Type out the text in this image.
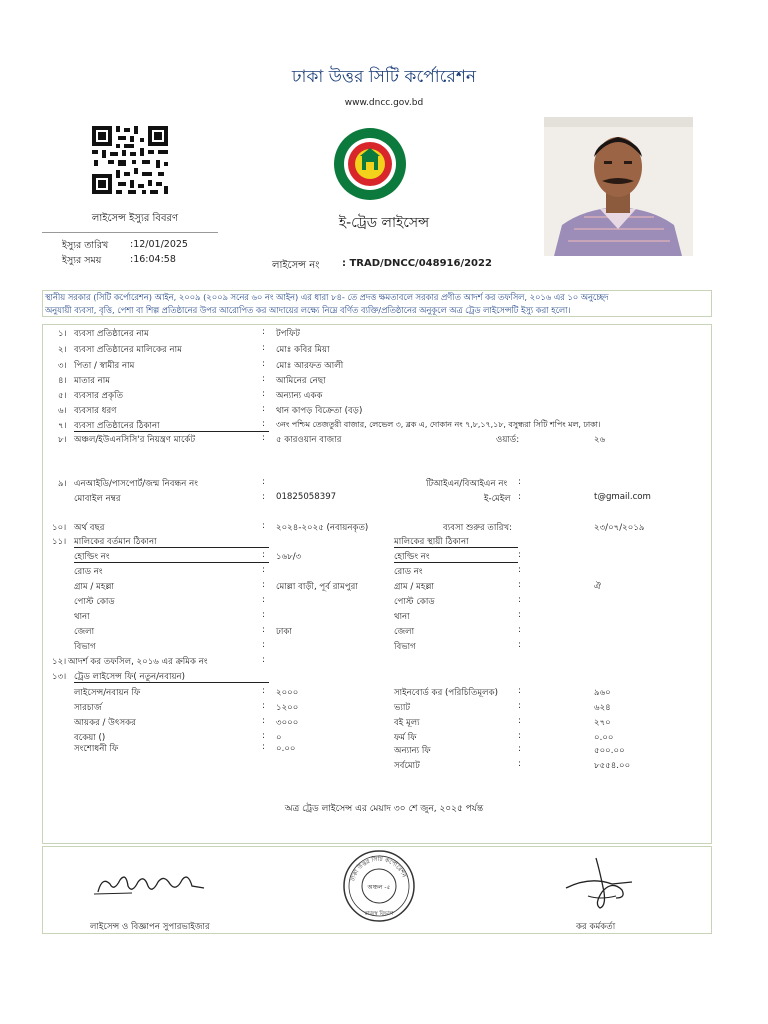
ঢাকা উত্তর সিটি কর্পোরেশন
www.dncc.gov.bd
লাইসেন্স ইস্যুর বিবরণ
ইস্যুর তারিখ	:12/01/2025
ইস্যুর সময়	:16:04:58
ই-ট্রেড লাইসেন্স
লাইসেন্স নং : TRAD/DNCC/048916/2022
স্থানীয় সরকার (সিটি কর্পোরেশন) আইন, ২০০৯ (২০০৯ সনের ৬০ নং আইন) এর ধারা ৮৪- তে প্রদত্ত ক্ষমতাবলে সরকার প্রণীত আদর্শ কর তফসিল, ২০১৬ এর ১০ অনুচ্ছেদ
অনুযায়ী ব্যবসা, বৃত্তি, পেশা বা শিল্প প্রতিষ্ঠানের উপর আরোপিত কর আদায়ের লক্ষ্যে নিম্নে বর্ণিত ব্যক্তি/প্রতিষ্ঠানের অনুকূলে অত্র ট্রেড লাইসেন্সটি ইস্যু করা হলো।
১। ব্যবসা প্রতিষ্ঠানের নাম	: টপফিট
২। ব্যবসা প্রতিষ্ঠানের মালিকের নাম	: মোঃ কবির মিয়া
৩। পিতা / স্বামীর নাম	: মোঃ আরফত আলী
৪। মাতার নাম	: আমিনের নেছা
৫। ব্যবসার প্রকৃতি	: অন্যান্য একক
৬। ব্যবসার ধরণ	: থান কাপড় বিক্রেতা (বড়)
৭। ব্যবসা প্রতিষ্ঠানের ঠিকানা	: ৩নং পশ্চিম তেজতুরী বাজার, লেভেল ৩, ব্লক এ, দোকান নং ৭,৮,১৭,১৮, বসুন্ধরা সিটি শপিং মল, ঢাকা।
৮। অঞ্চল/ইউএনসিসি'র নিয়ন্ত্রণ মার্কেট	: ৫ কারওয়ান বাজার	ওয়ার্ড:	২৬
৯। এনআইডি/পাসপোর্ট/জন্ম নিবন্ধন নং	:	টিআইএন/বিআইএন নং :
মোবাইল নম্বর	: 01825058397	ই-মেইল :	t@gmail.com
১০। অর্থ বছর	: ২০২৪-২০২৫ (নবায়নকৃত)	ব্যবসা শুরুর তারিখ:	২৩/০৭/২০১৯
১১। মালিকের বর্তমান ঠিকানা	মালিকের স্থায়ী ঠিকানা
হোল্ডিং নং	: ১৬৮/৩
রোড নং	:
গ্রাম / মহল্লা	: মোল্লা বাড়ী, পূর্ব রামপুরা
পোস্ট কোড	:
থানা	:
জেলা	: ঢাকা
বিভাগ	:
হোল্ডিং নং	:
রোড নং	:
গ্রাম / মহল্লা	:	ঐ
পোস্ট কোড	:
থানা	:
জেলা	:
বিভাগ	:
১২। আদর্শ কর তফসিল, ২০১৬ এর ক্রমিক নং	:
১৩। ট্রেড লাইসেন্স ফি( নতুন/নবায়ন)
লাইসেন্স/নবায়ন ফি	: ২০০০
সারচার্জ	: ১২০০
আয়কর / উৎসকর	: ৩০০০
বকেয়া ()	: ০
সংশোধনী ফি	: ০.০০
সাইনবোর্ড কর (পরিচিতিমূলক) :	৯৬০
ভ্যাট	:	৬২৪
বই মূল্য	:	২৭০
ফর্ম ফি	:	০.০০
অন্যান্য ফি	:	৫০০.০০
সর্বমোট	:	৮৫৫৪.০০
অত্র ট্রেড লাইসেন্স এর মেয়াদ ৩০ শে জুন, ২০২৫ পর্যন্ত
ঢাকা উত্তর সিটি কর্পোরেশন
অঞ্চল -৫
রাজস্ব বিভাগ
লাইসেন্স ও বিজ্ঞাপন সুপারভাইজার	কর কর্মকর্তা
